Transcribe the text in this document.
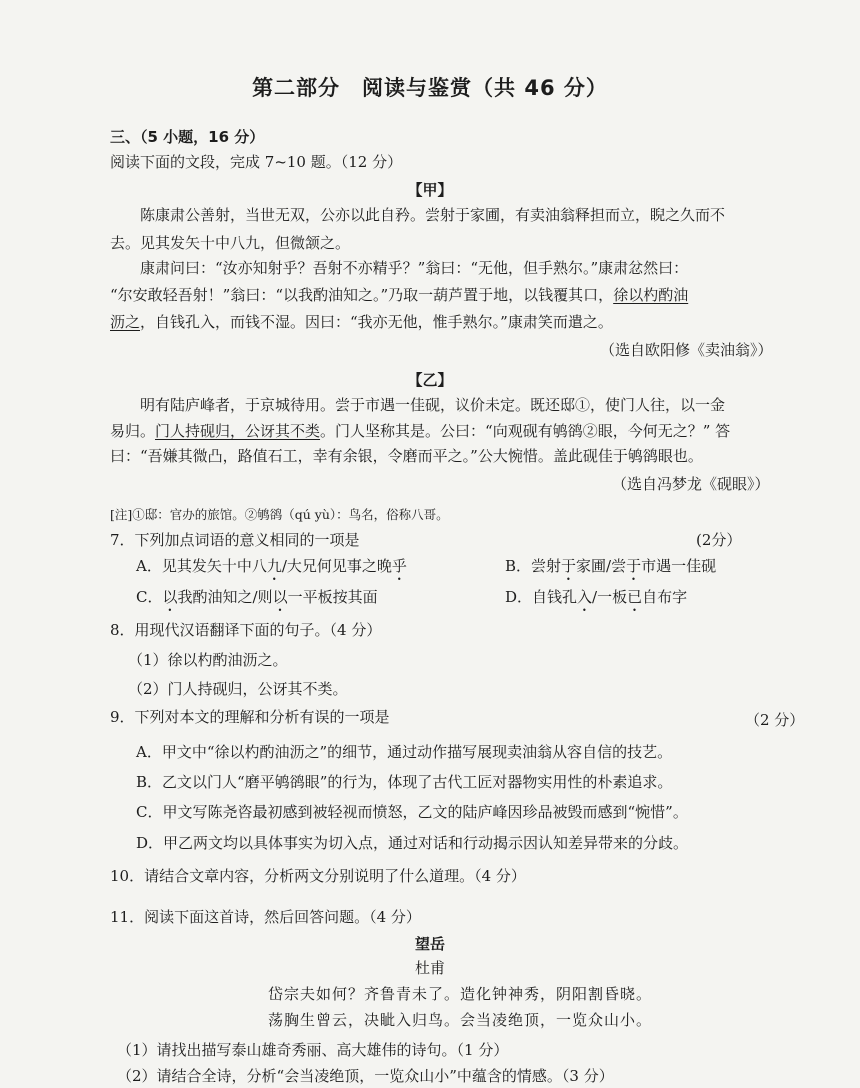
第二部分　阅读与鉴赏（共 46 分）
三、（5 小题，16 分）
阅读下面的文段，完成 7~10 题。（12 分）
【甲】
陈康肃公善射，当世无双，公亦以此自矜。尝射于家圃，有卖油翁释担而立，睨之久而不
去。见其发矢十中八九，但微颔之。
康肃问曰：“汝亦知射乎？吾射不亦精乎？”翁曰：“无他，但手熟尔。”康肃忿然曰：
“尔安敢轻吾射！”翁曰：“以我酌油知之。”乃取一葫芦置于地，以钱覆其口，徐以杓酌油
沥之，自钱孔入，而钱不湿。因曰：“我亦无他，惟手熟尔。”康肃笑而遣之。
（选自欧阳修《卖油翁》）
【乙】
明有陆庐峰者，于京城待用。尝于市遇一佳砚，议价未定。既还邸①，使门人往，以一金
易归。门人持砚归，公讶其不类。门人坚称其是。公曰：“向观砚有鸲鹆②眼，今何无之？” 答
曰：“吾嫌其微凸，路值石工，幸有余银，令磨而平之。”公大惋惜。盖此砚佳于鸲鹆眼也。
（选自冯梦龙《砚眼》）
[注]①邸：官办的旅馆。②鸲鹆（qú yù）：鸟名，俗称八哥。
7．下列加点词语的意义相同的一项是	(2分）
A．见其发矢十中八九/大兄何见事之晚乎	B．尝射于家圃/尝于市遇一佳砚
C．以我酌油知之/则以一平板按其面	D．自钱孔入/一板已自布字
8．用现代汉语翻译下面的句子。（4 分）
（1）徐以杓酌油沥之。
（2）门人持砚归，公讶其不类。
9．下列对本文的理解和分析有误的一项是	（2 分）
A．甲文中“徐以杓酌油沥之”的细节，通过动作描写展现卖油翁从容自信的技艺。
B．乙文以门人“磨平鸲鹆眼”的行为，体现了古代工匠对器物实用性的朴素追求。
C．甲文写陈尧咨最初感到被轻视而愤怒，乙文的陆庐峰因珍品被毁而感到“惋惜”。
D．甲乙两文均以具体事实为切入点，通过对话和行动揭示因认知差异带来的分歧。
10．请结合文章内容，分析两文分别说明了什么道理。（4 分）
11．阅读下面这首诗，然后回答问题。（4 分）
望岳
杜甫
岱宗夫如何？齐鲁青未了。造化钟神秀，阴阳割昏晓。
荡胸生曾云，决眦入归鸟。会当凌绝顶，一览众山小。
（1）请找出描写泰山雄奇秀丽、高大雄伟的诗句。（1 分）
（2）请结合全诗，分析“会当凌绝顶，一览众山小”中蕴含的情感。（3 分）
